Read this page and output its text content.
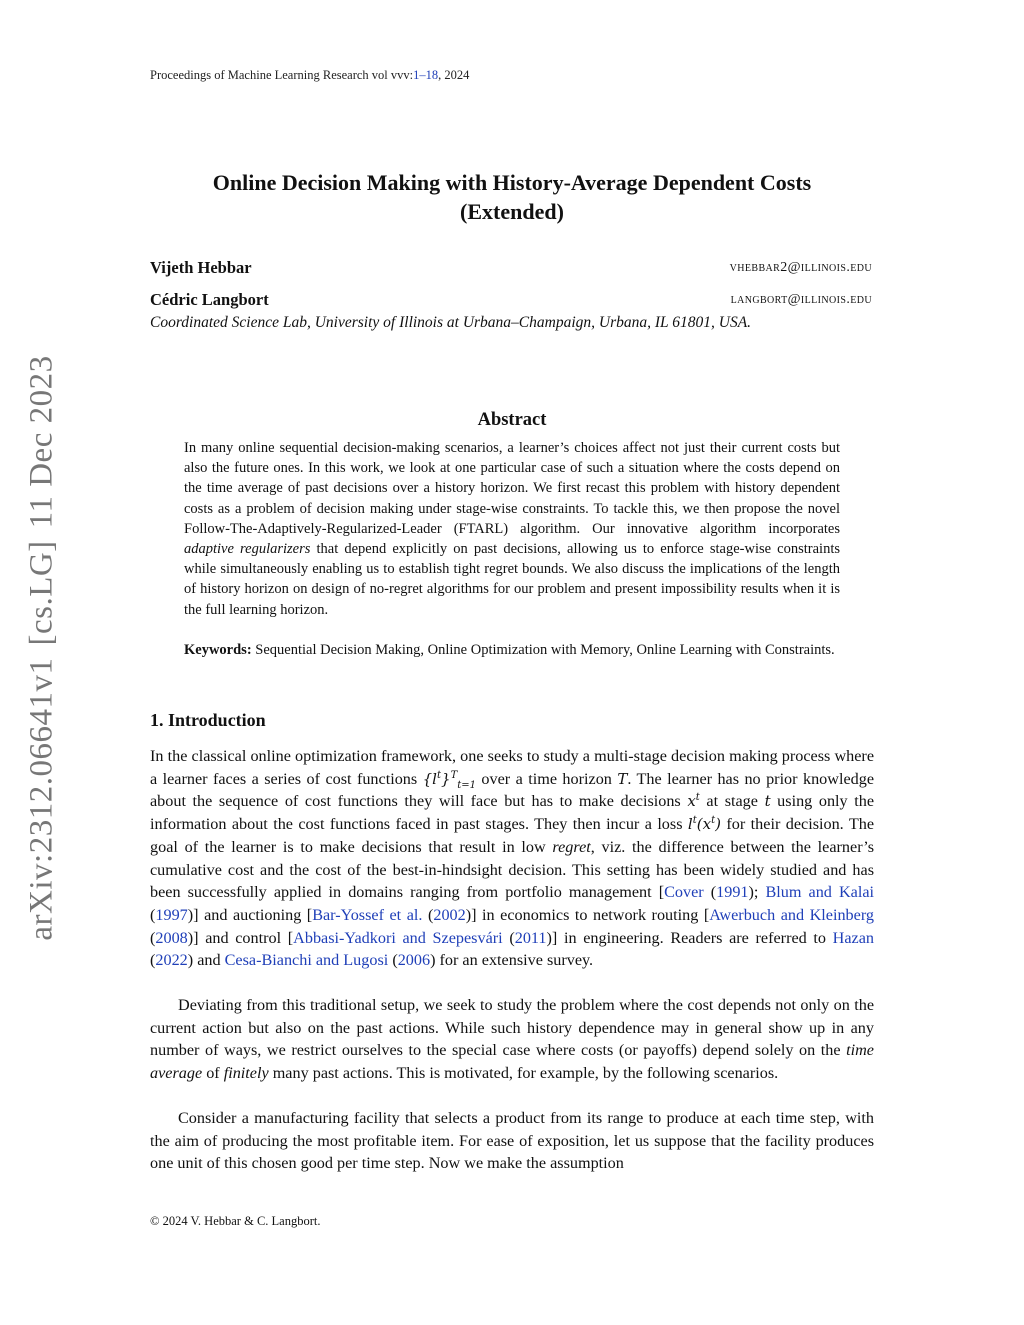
Proceedings of Machine Learning Research vol vvv:1–18, 2024
arXiv:2312.06641v1[cs.LG]11 Dec 2023
Online Decision Making with History-Average Dependent Costs
(Extended)
Vijeth Hebbar	vhebbar2@illinois.edu
Cédric Langbort	langbort@illinois.edu
Coordinated Science Lab, University of Illinois at Urbana–Champaign, Urbana, IL 61801, USA.
Abstract
In many online sequential decision-making scenarios, a learner’s choices affect not just their current costs but also the future ones. In this work, we look at one particular case of such a situation where the costs depend on the time average of past decisions over a history horizon. We first recast this problem with history dependent costs as a problem of decision making under stage-wise constraints. To tackle this, we then propose the novel Follow-The-Adaptively-Regularized-Leader (FTARL) algorithm. Our innovative algorithm incorporates adaptive regularizers that depend explicitly on past decisions, allowing us to enforce stage-wise constraints while simultaneously enabling us to establish tight regret bounds. We also discuss the implications of the length of history horizon on design of no-regret algorithms for our problem and present impossibility results when it is the full learning horizon.
Keywords: Sequential Decision Making, Online Optimization with Memory, Online Learning with Constraints.
1. Introduction
In the classical online optimization framework, one seeks to study a multi-stage decision making process where a learner faces a series of cost functions $\{l^t\}^T_{t=1}$ over a time horizon T. The learner has no prior knowledge about the sequence of cost functions they will face but has to make decisions $x^t$ at stage t using only the information about the cost functions faced in past stages. They then incur a loss $l^t(x^t)$ for their decision. The goal of the learner is to make decisions that result in low regret, viz. the difference between the learner’s cumulative cost and the cost of the best-in-hindsight decision. This setting has been widely studied and has been successfully applied in domains ranging from portfolio management [Cover (1991); Blum and Kalai (1997)] and auctioning [Bar-Yossef et al. (2002)] in economics to network routing [Awerbuch and Kleinberg (2008)] and control [Abbasi-Yadkori and Szepesvári (2011)] in engineering. Readers are referred to Hazan (2022) and Cesa-Bianchi and Lugosi (2006) for an extensive survey.
Deviating from this traditional setup, we seek to study the problem where the cost depends not only on the current action but also on the past actions. While such history dependence may in general show up in any number of ways, we restrict ourselves to the special case where costs (or payoffs) depend solely on the time average of finitely many past actions. This is motivated, for example, by the following scenarios.
Consider a manufacturing facility that selects a product from its range to produce at each time step, with the aim of producing the most profitable item. For ease of exposition, let us suppose that the facility produces one unit of this chosen good per time step. Now we make the assumption
© 2024 V. Hebbar & C. Langbort.
